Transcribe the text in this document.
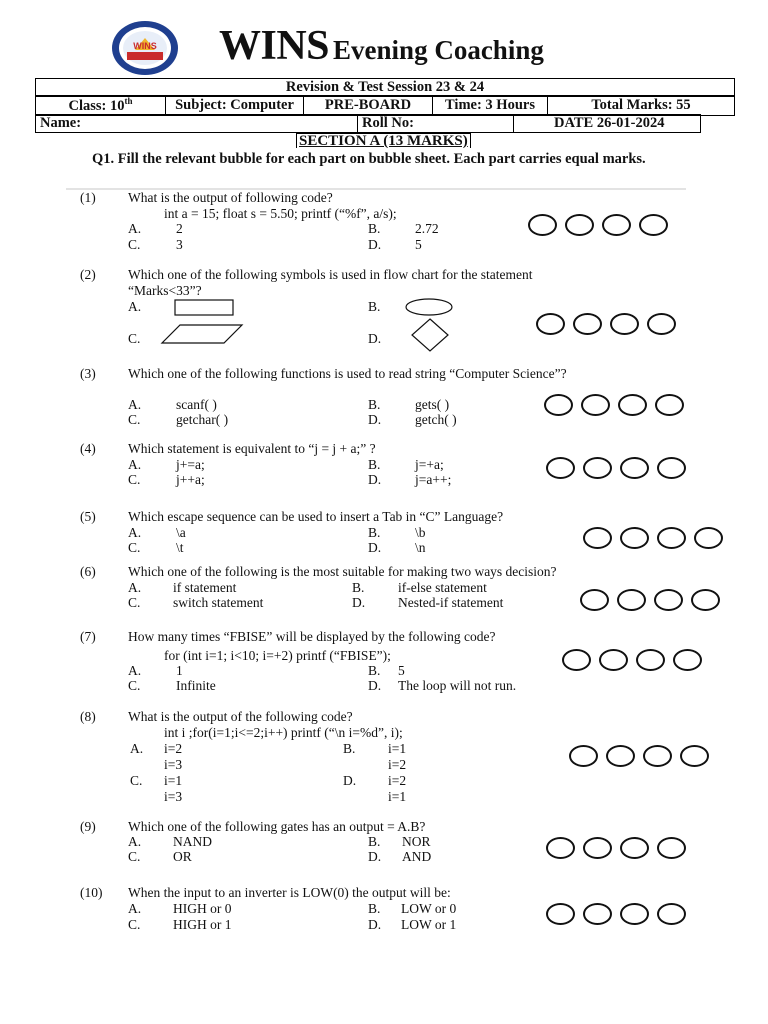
WINS WINS Evening Coaching
Revision & Test Session 23 & 24
Class: 10th	Subject: Computer	PRE-BOARD	Time: 3 Hours	Total Marks: 55
Name:	Roll No:	DATE 26-01-2024
SECTION A (13 MARKS)
Q1. Fill the relevant bubble for each part on bubble sheet. Each part carries equal marks.
(1) What is the output of following code?
int a = 15; float s = 5.50; printf (“%f”, a/s);
A.	2	B.	2.72
C.	3	D.	5
(2) Which one of the following symbols is used in flow chart for the statement “Marks<33”?
A.	B.
C.	D.
(3) Which one of the following functions is used to read string “Computer Science”?
A.	scanf( )	B.	gets( )
C.	getchar( )	D.	getch( )
(4) Which statement is equivalent to “j = j + a;” ?
A.	j+=a;	B.	j=+a;
C.	j++a;	D.	j=a++;
(5) Which escape sequence can be used to insert a Tab in “C” Language?
A.	\a	B.	\b
C.	\t	D.	\n
(6) Which one of the following is the most suitable for making two ways decision?
A. if statement	B. if-else statement
C. switch statement	D. Nested-if statement
(7) How many times “FBISE” will be displayed by the following code?
for (int i=1; i<10; i=+2) printf (“FBISE”);
A.	1	B. 5
C.	Infinite	D. The loop will not run.
(8) What is the output of the following code?
int i ;for(i=1;i<=2;i++) printf (“\n i=%d”, i);
A. i=2
i=3
B. i=1
i=2
C. i=1
i=3
D. i=2
i=1
(9) Which one of the following gates has an output = A.B?
A. NAND	B. NOR
C. OR	D. AND
(10) When the input to an inverter is LOW(0) the output will be:
A. HIGH or 0	B. LOW or 0
C. HIGH or 1	D. LOW or 1
